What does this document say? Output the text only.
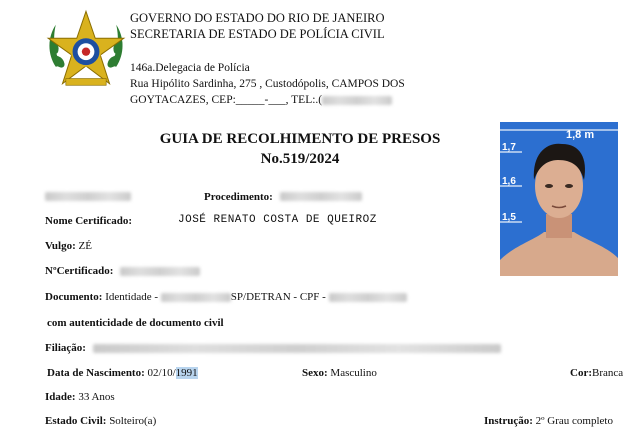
GOVERNO DO ESTADO DO RIO DE JANEIRO
SECRETARIA DE ESTADO DE POLÍCIA CIVIL
146a.Delegacia de Polícia
Rua Hipólito Sardinha, 275 , Custodópolis, CAMPOS DOS
GOYTACAZES, CEP:_____-___, TEL:.(
GUIA DE RECOLHIMENTO DE PRESOS
No.519/2024
1,8 m
1,7
1,6
1,5
Procedimento:
Nome Certificado:	JOSÉ RENATO COSTA DE QUEIROZ
Vulgo: ZÉ
NºCertificado:
Documento: Identidade -	SP/DETRAN - CPF -
com autenticidade de documento civil
Filiação:
Data de Nascimento: 02/10/1991	Sexo: Masculino	Cor:Branca
Idade: 33 Anos
Estado Civil: Solteiro(a)	Instrução: 2º Grau completo
